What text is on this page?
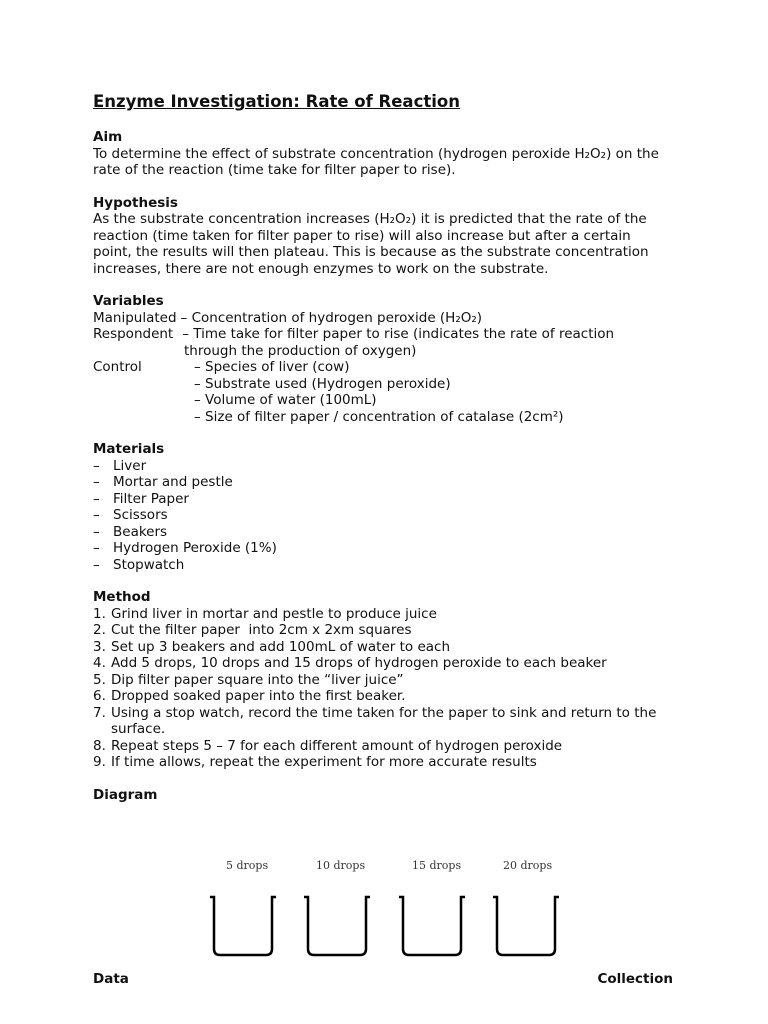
Enzyme Investigation: Rate of Reaction
Aim
To determine the effect of substrate concentration (hydrogen peroxide H₂O₂) on the rate of the reaction (time take for filter paper to rise).
Hypothesis
As the substrate concentration increases (H₂O₂) it is predicted that the rate of the reaction (time taken for filter paper to rise) will also increase but after a certain point, the results will then plateau. This is because as the substrate concentration increases, there are not enough enzymes to work on the substrate.
Variables
Manipulated – Concentration of hydrogen peroxide (H₂O₂)
Respondent – Time take for filter paper to rise (indicates the rate of reaction
through the production of oxygen)
Control	– Species of liver (cow)
– Substrate used (Hydrogen peroxide)
– Volume of water (100mL)
– Size of filter paper / concentration of catalase (2cm²)
Materials
– Liver
– Mortar and pestle
– Filter Paper
– Scissors
– Beakers
– Hydrogen Peroxide (1%)
– Stopwatch
Method
1. Grind liver in mortar and pestle to produce juice
2. Cut the filter paper  into 2cm x 2xm squares
3. Set up 3 beakers and add 100mL of water to each
4. Add 5 drops, 10 drops and 15 drops of hydrogen peroxide to each beaker
5. Dip filter paper square into the “liver juice”
6. Dropped soaked paper into the first beaker.
7. Using a stop watch, record the time taken for the paper to sink and return to the surface.
8. Repeat steps 5 – 7 for each different amount of hydrogen peroxide
9. If time allows, repeat the experiment for more accurate results
Diagram
5 drops	10 drops	15 drops	20 drops
Data	Collection
